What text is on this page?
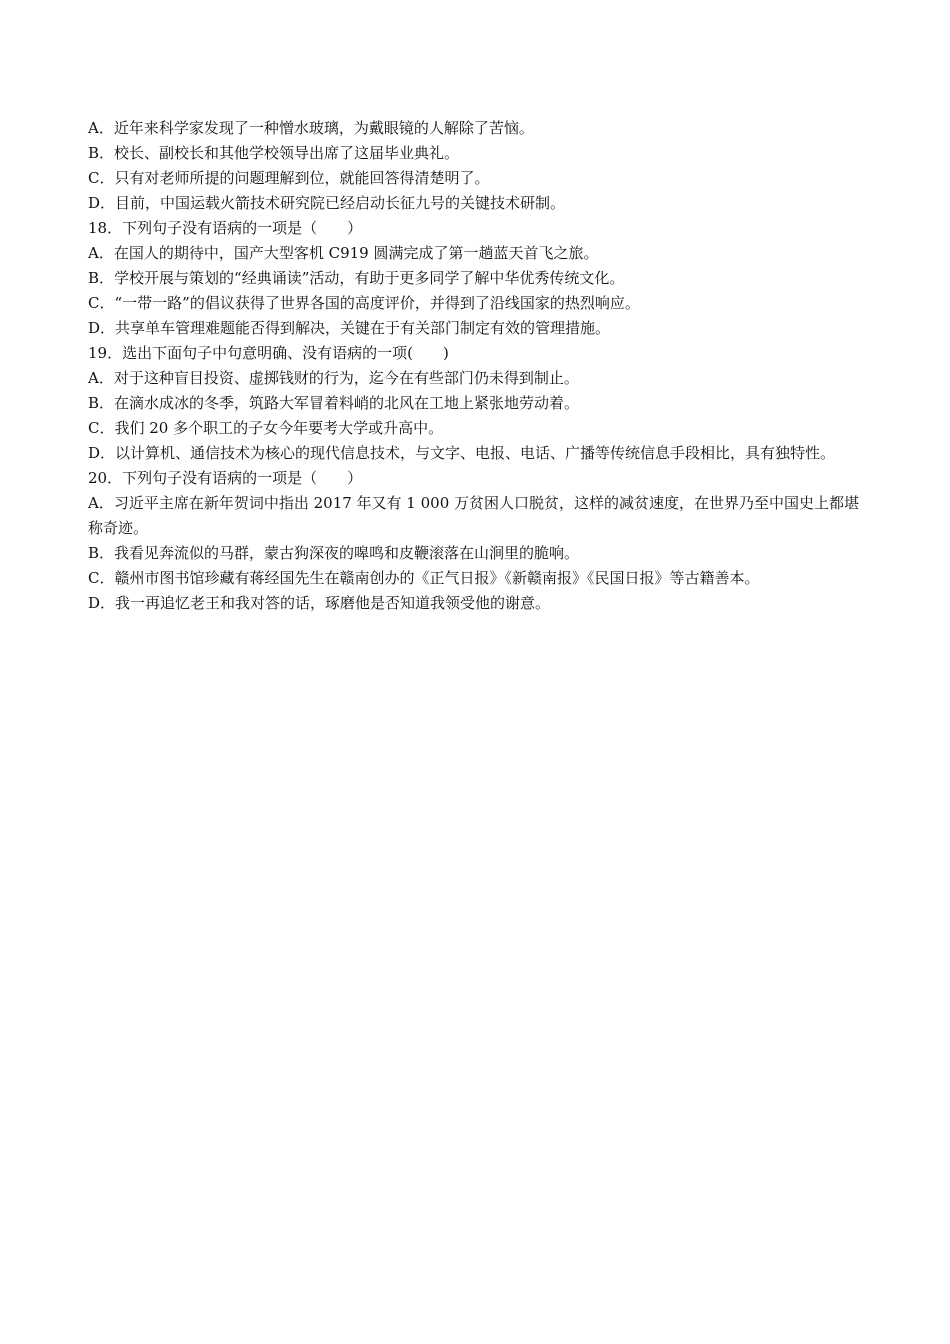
A．近年来科学家发现了一种憎水玻璃，为戴眼镜的人解除了苦恼。
B．校长、副校长和其他学校领导出席了这届毕业典礼。
C．只有对老师所提的问题理解到位，就能回答得清楚明了。
D．目前，中国运载火箭技术研究院已经启动长征九号的关键技术研制。
18．下列句子没有语病的一项是（　　）
A．在国人的期待中，国产大型客机 C919 圆满完成了第一趟蓝天首飞之旅。
B．学校开展与策划的“经典诵读”活动，有助于更多同学了解中华优秀传统文化。
C．“一带一路”的倡议获得了世界各国的高度评价，并得到了沿线国家的热烈响应。
D．共享单车管理难题能否得到解决，关键在于有关部门制定有效的管理措施。
19．选出下面句子中句意明确、没有语病的一项(　　)
A．对于这种盲目投资、虚掷钱财的行为，迄今在有些部门仍未得到制止。
B．在滴水成冰的冬季，筑路大军冒着料峭的北风在工地上紧张地劳动着。
C．我们 20 多个职工的子女今年要考大学或升高中。
D．以计算机、通信技术为核心的现代信息技术，与文字、电报、电话、广播等传统信息手段相比，具有独特性。
20．下列句子没有语病的一项是（　　）
A．习近平主席在新年贺词中指出 2017 年又有 1 000 万贫困人口脱贫，这样的减贫速度，在世界乃至中国史上都堪称奇迹。
B．我看见奔流似的马群，蒙古狗深夜的嗥鸣和皮鞭滚落在山涧里的脆响。
C．赣州市图书馆珍藏有蒋经国先生在赣南创办的《正气日报》《新赣南报》《民国日报》等古籍善本。
D．我一再追忆老王和我对答的话，琢磨他是否知道我领受他的谢意。
